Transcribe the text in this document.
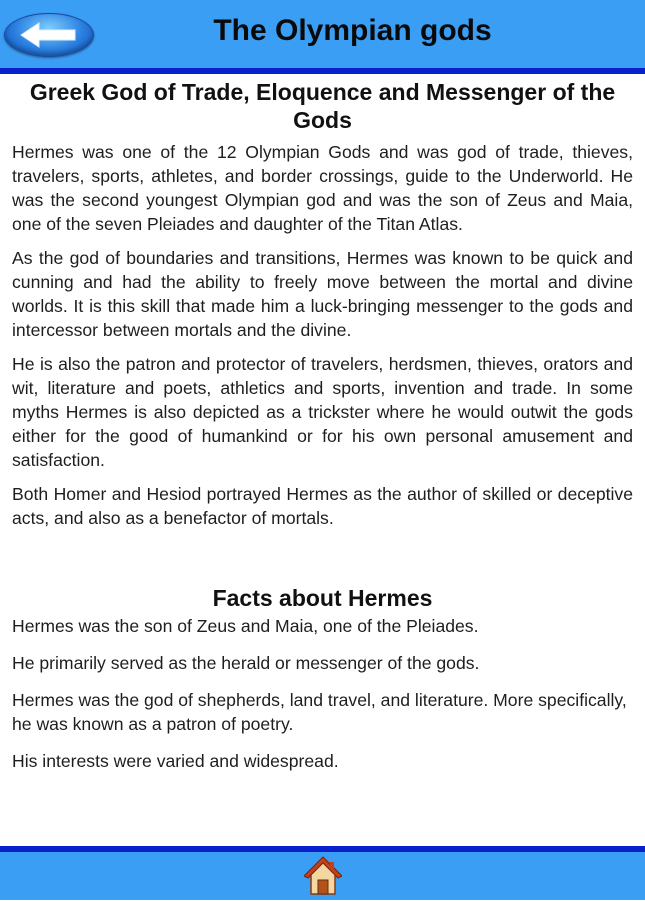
The Olympian gods
Greek God of Trade, Eloquence and Messenger of the Gods

Hermes was one of the 12 Olympian Gods and was god of trade, thieves, travelers, sports, athletes, and border crossings, guide to the Underworld. He was the second youngest Olympian god and was the son of Zeus and Maia, one of the seven Pleiades and daughter of the Titan Atlas.

As the god of boundaries and transitions, Hermes was known to be quick and cunning and had the ability to freely move between the mortal and divine worlds. It is this skill that made him a luck-bringing messenger to the gods and intercessor between mortals and the divine.

He is also the patron and protector of travelers, herdsmen, thieves, orators and wit, literature and poets, athletics and sports, invention and trade. In some myths Hermes is also depicted as a trickster where he would outwit the gods either for the good of humankind or for his own personal amusement and satisfaction.

Both Homer and Hesiod portrayed Hermes as the author of skilled or deceptive acts, and also as a benefactor of mortals.

Facts about Hermes

Hermes was the son of Zeus and Maia, one of the Pleiades.

He primarily served as the herald or messenger of the gods.

Hermes was the god of shepherds, land travel, and literature. More specifically, he was known as a patron of poetry.

His interests were varied and widespread.
